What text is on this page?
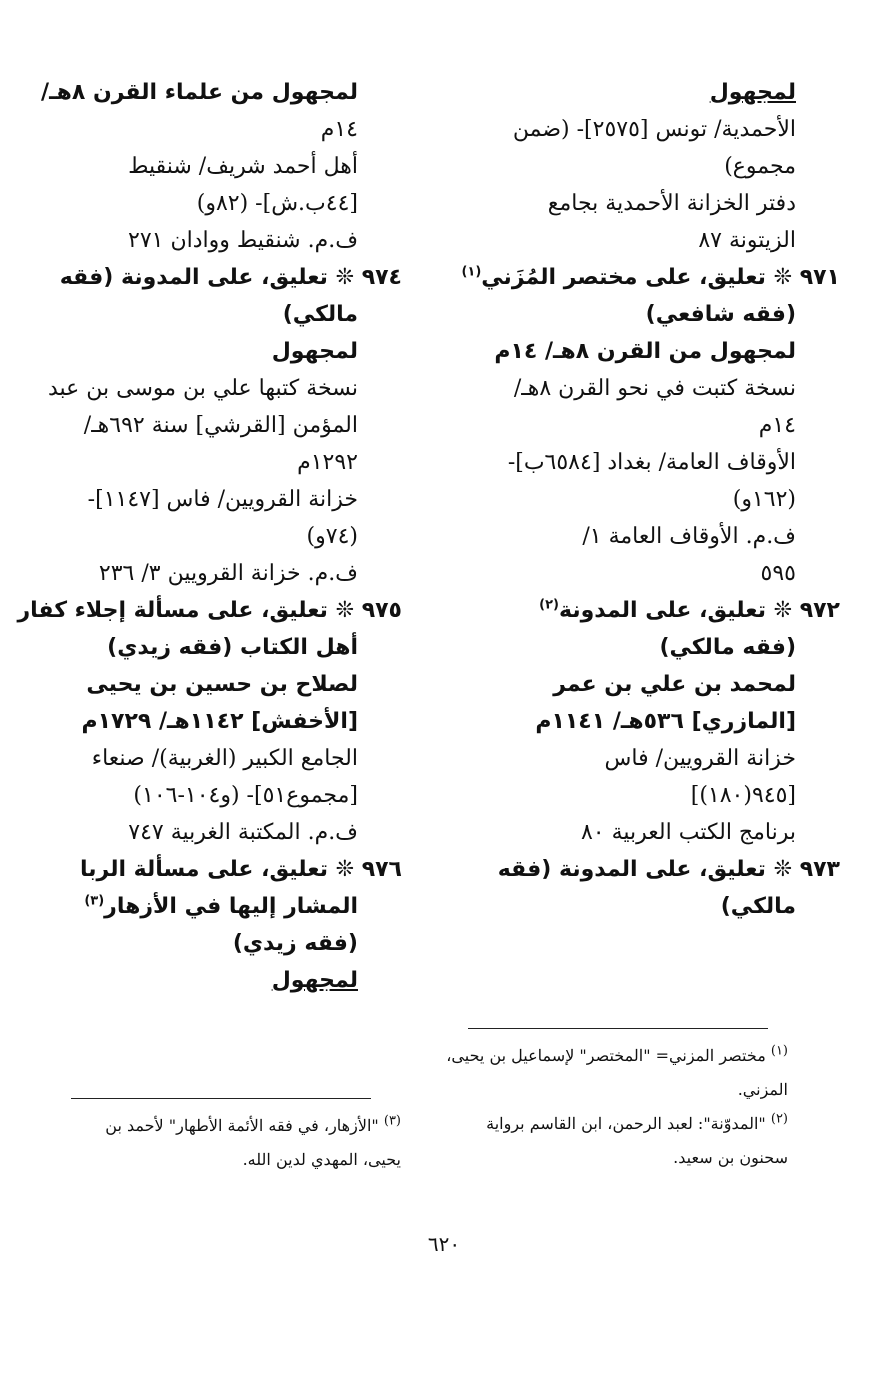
لمجهول
الأحمدية/ تونس [٢٥٧٥]- (ضمن
مجموع)
دفتر الخزانة الأحمدية بجامع
الزيتونة ٨٧
٩٧١ ❊ تعليق، على مختصر المُزَني$^{(١)}$
(فقه شافعي)
لمجهول من القرن ٨هـ/ ١٤م
نسخة كتبت في نحو القرن ٨هـ/
١٤م
الأوقاف العامة/ بغداد [٦٥٨٤ب]-
(١٦٢و)
ف.م. الأوقاف العامة ١/
٥٩٥
٩٧٢ ❊ تعليق، على المدونة$^{(٢)}$
(فقه مالكي)
لمحمد بن علي بن عمر
[المازري] ٥٣٦هـ/ ١١٤١م
خزانة القرويين/ فاس
[٩٤٥(١٨٠)]
برنامج الكتب العربية ٨٠
٩٧٣ ❊ تعليق، على المدونة (فقه
مالكي)
لمجهول من علماء القرن ٨هـ/
١٤م
أهل أحمد شريف/ شنقيط
[٤٤ب.ش]- (٨٢و)
ف.م. شنقيط ووادان ٢٧١
٩٧٤ ❊ تعليق، على المدونة (فقه
مالكي)
لمجهول
نسخة كتبها علي بن موسى بن عبد
المؤمن [القرشي] سنة ٦٩٢هـ/
١٢٩٢م
خزانة القرويين/ فاس [١١٤٧]-
(٧٤و)
ف.م. خزانة القرويين ٣/ ٢٣٦
٩٧٥ ❊ تعليق، على مسألة إجلاء كفار
أهل الكتاب (فقه زيدي)
لصلاح بن حسين بن يحيى
[الأخفش] ١١٤٢هـ/ ١٧٢٩م
الجامع الكبير (الغربية)/ صنعاء
[مجموع٥١]- (و١٠٤-١٠٦)
ف.م. المكتبة الغربية ٧٤٧
٩٧٦ ❊ تعليق، على مسألة الربا
المشار إليها في الأزهار$^{(٣)}$
(فقه زيدي)
لمجهول
$^{(١)}$ مختصر المزني= "المختصر" لإسماعيل بن يحيى،
المزني.
$^{(٢)}$ "المدوّنة": لعبد الرحمن، ابن القاسم برواية
سحنون بن سعيد.
$^{(٣)}$ "الأزهار، في فقه الأئمة الأطهار" لأحمد بن
يحيى، المهدي لدين الله.
٦٢٠
